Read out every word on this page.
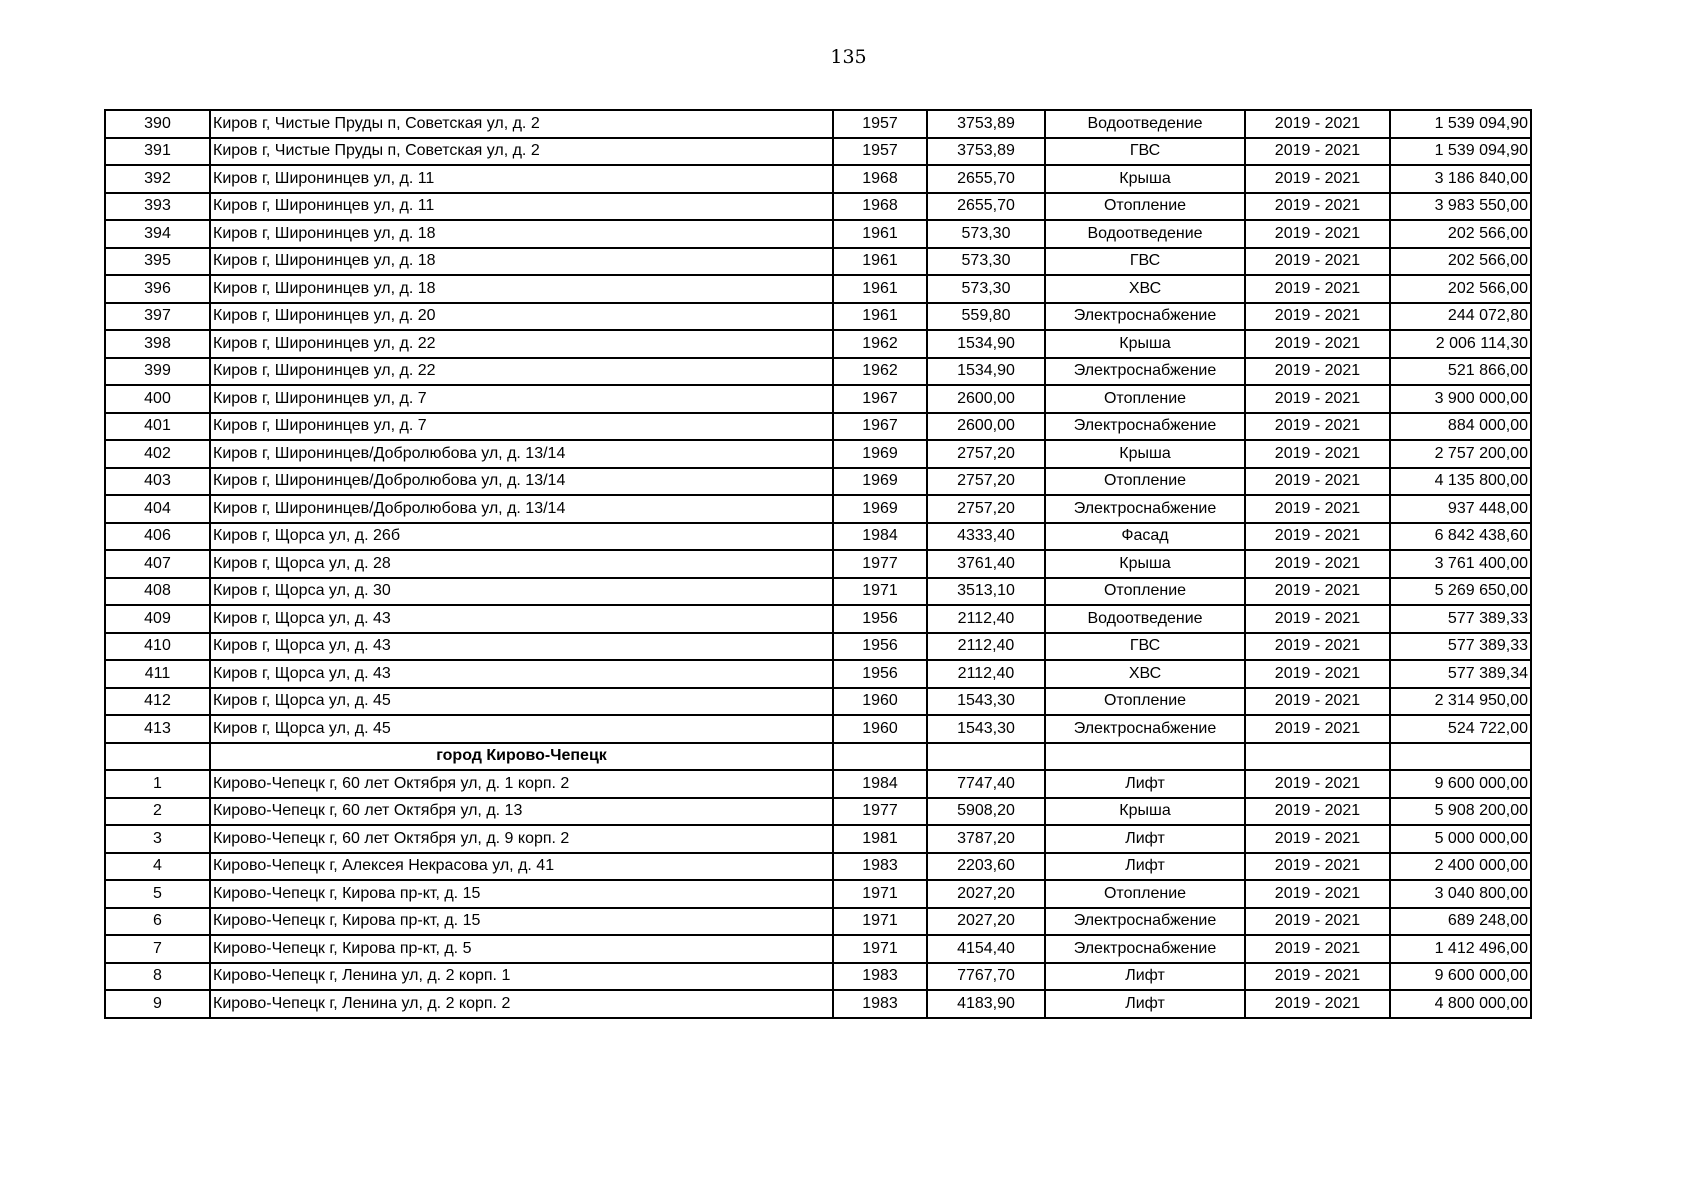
135
390	Киров г, Чистые Пруды п, Советская ул, д. 2	1957	3753,89	Водоотведение	2019 - 2021	1 539 094,90
391	Киров г, Чистые Пруды п, Советская ул, д. 2	1957	3753,89	ГВС	2019 - 2021	1 539 094,90
392	Киров г, Широнинцев ул, д. 11	1968	2655,70	Крыша	2019 - 2021	3 186 840,00
393	Киров г, Широнинцев ул, д. 11	1968	2655,70	Отопление	2019 - 2021	3 983 550,00
394	Киров г, Широнинцев ул, д. 18	1961	573,30	Водоотведение	2019 - 2021	202 566,00
395	Киров г, Широнинцев ул, д. 18	1961	573,30	ГВС	2019 - 2021	202 566,00
396	Киров г, Широнинцев ул, д. 18	1961	573,30	ХВС	2019 - 2021	202 566,00
397	Киров г, Широнинцев ул, д. 20	1961	559,80	Электроснабжение	2019 - 2021	244 072,80
398	Киров г, Широнинцев ул, д. 22	1962	1534,90	Крыша	2019 - 2021	2 006 114,30
399	Киров г, Широнинцев ул, д. 22	1962	1534,90	Электроснабжение	2019 - 2021	521 866,00
400	Киров г, Широнинцев ул, д. 7	1967	2600,00	Отопление	2019 - 2021	3 900 000,00
401	Киров г, Широнинцев ул, д. 7	1967	2600,00	Электроснабжение	2019 - 2021	884 000,00
402	Киров г, Широнинцев/Добролюбова ул, д. 13/14	1969	2757,20	Крыша	2019 - 2021	2 757 200,00
403	Киров г, Широнинцев/Добролюбова ул, д. 13/14	1969	2757,20	Отопление	2019 - 2021	4 135 800,00
404	Киров г, Широнинцев/Добролюбова ул, д. 13/14	1969	2757,20	Электроснабжение	2019 - 2021	937 448,00
406	Киров г, Щорса ул, д. 26б	1984	4333,40	Фасад	2019 - 2021	6 842 438,60
407	Киров г, Щорса ул, д. 28	1977	3761,40	Крыша	2019 - 2021	3 761 400,00
408	Киров г, Щорса ул, д. 30	1971	3513,10	Отопление	2019 - 2021	5 269 650,00
409	Киров г, Щорса ул, д. 43	1956	2112,40	Водоотведение	2019 - 2021	577 389,33
410	Киров г, Щорса ул, д. 43	1956	2112,40	ГВС	2019 - 2021	577 389,33
411	Киров г, Щорса ул, д. 43	1956	2112,40	ХВС	2019 - 2021	577 389,34
412	Киров г, Щорса ул, д. 45	1960	1543,30	Отопление	2019 - 2021	2 314 950,00
413	Киров г, Щорса ул, д. 45	1960	1543,30	Электроснабжение	2019 - 2021	524 722,00
	город Кирово-Чепецк					
1	Кирово-Чепецк г, 60 лет Октября ул, д. 1 корп. 2	1984	7747,40	Лифт	2019 - 2021	9 600 000,00
2	Кирово-Чепецк г, 60 лет Октября ул, д. 13	1977	5908,20	Крыша	2019 - 2021	5 908 200,00
3	Кирово-Чепецк г, 60 лет Октября ул, д. 9 корп. 2	1981	3787,20	Лифт	2019 - 2021	5 000 000,00
4	Кирово-Чепецк г, Алексея Некрасова ул, д. 41	1983	2203,60	Лифт	2019 - 2021	2 400 000,00
5	Кирово-Чепецк г, Кирова пр-кт, д. 15	1971	2027,20	Отопление	2019 - 2021	3 040 800,00
6	Кирово-Чепецк г, Кирова пр-кт, д. 15	1971	2027,20	Электроснабжение	2019 - 2021	689 248,00
7	Кирово-Чепецк г, Кирова пр-кт, д. 5	1971	4154,40	Электроснабжение	2019 - 2021	1 412 496,00
8	Кирово-Чепецк г, Ленина ул, д. 2 корп. 1	1983	7767,70	Лифт	2019 - 2021	9 600 000,00
9	Кирово-Чепецк г, Ленина ул, д. 2 корп. 2	1983	4183,90	Лифт	2019 - 2021	4 800 000,00
